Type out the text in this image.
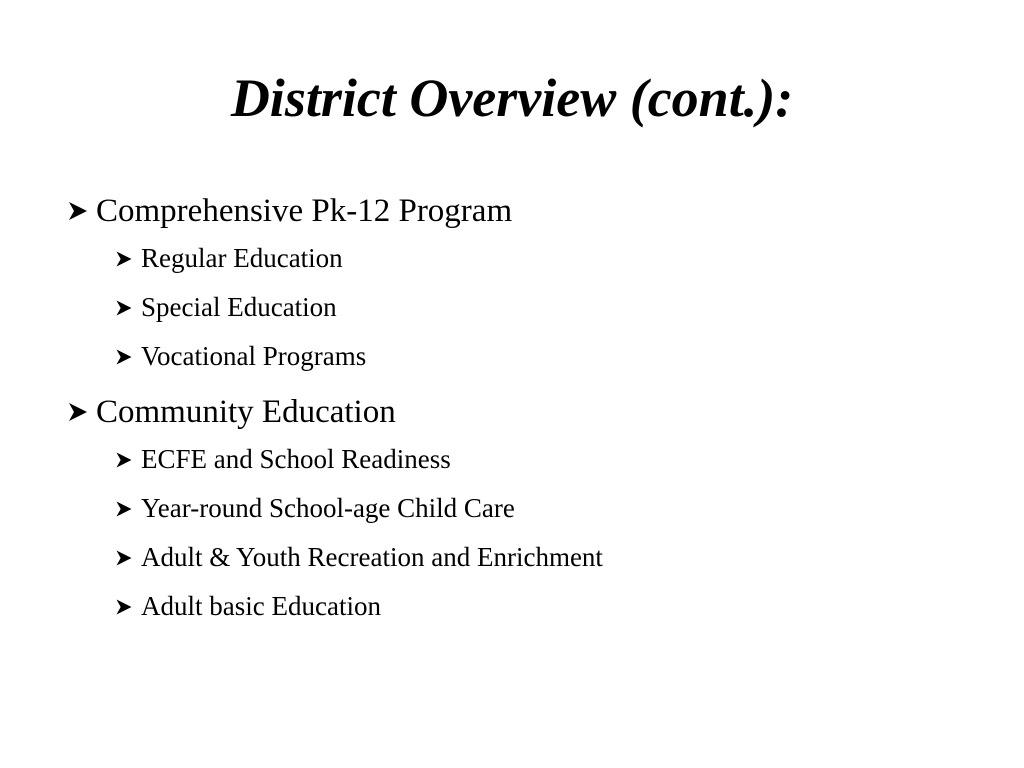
District Overview (cont.):
Comprehensive Pk-12 Program
Regular Education
Special Education
Vocational Programs
Community Education
ECFE and School Readiness
Year-round School-age Child Care
Adult & Youth Recreation and Enrichment
Adult basic Education
